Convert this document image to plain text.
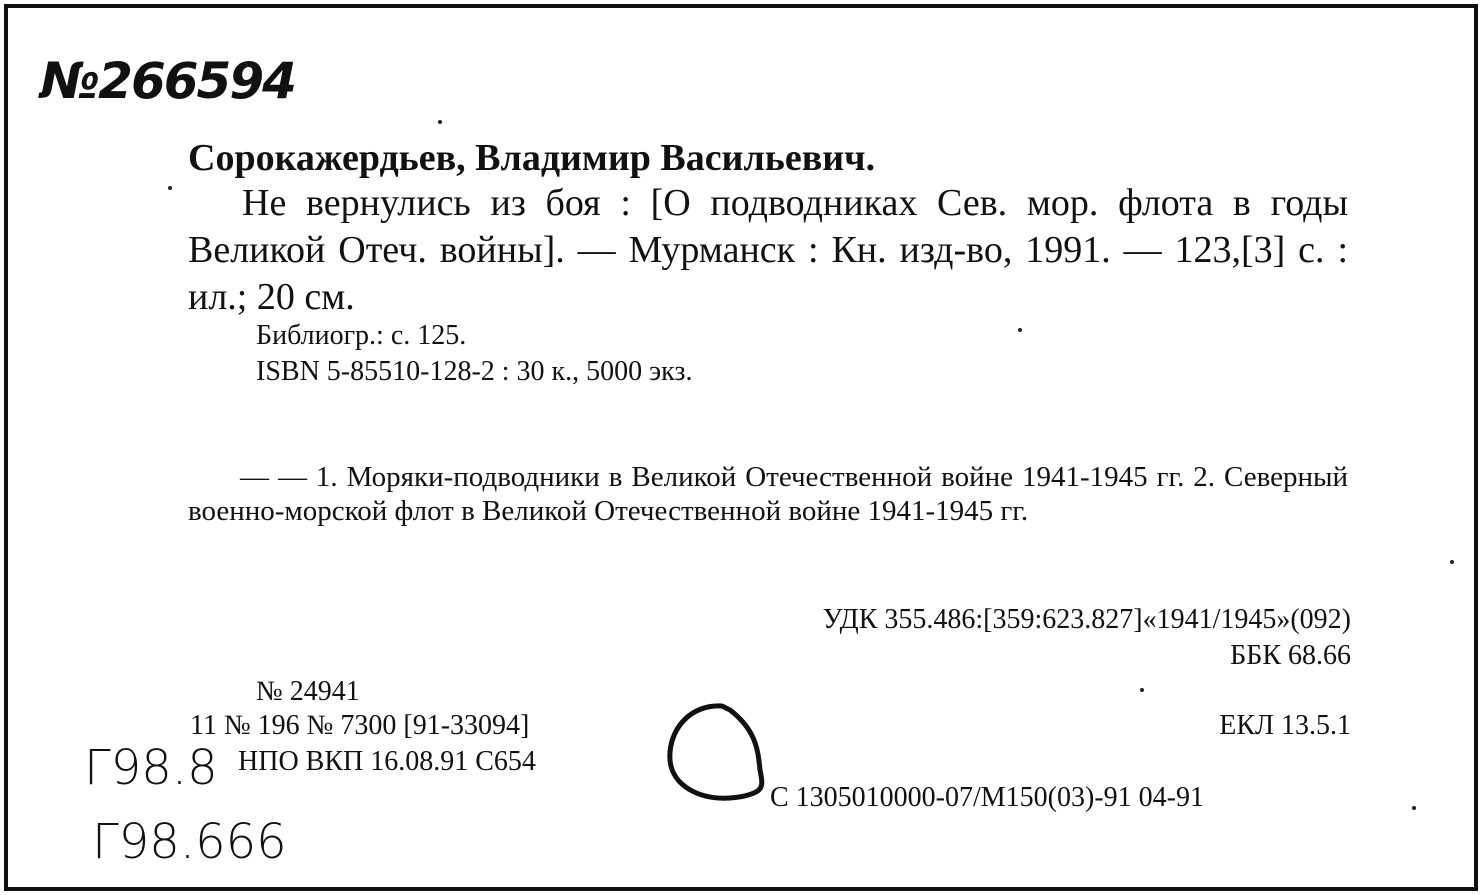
№266594
Сорокажердьев, Владимир Васильевич.
Не вернулись из боя : [О подводниках Сев. мор. флота в годы Великой Отеч. войны]. — Мурманск : Кн. изд-во, 1991. — 123,[3] с. : ил.; 20 см.
Библиогр.: с. 125.
ISBN 5-85510-128-2 : 30 к., 5000 экз.
— — 1. Моряки-подводники в Великой Отечественной войне 1941-1945 гг. 2. Северный военно-морской флот в Великой Отечественной войне 1941-1945 гг.
УДК 355.486:[359:623.827]«1941/1945»(092)
ББК 68.66
№ 24941
11 № 196 № 7300 [91-33094]
НПО ВКП 16.08.91 С654
ЕКЛ 13.5.1
С 1305010000-07/М150(03)-91 04-91
Г98.8
Г98.666
